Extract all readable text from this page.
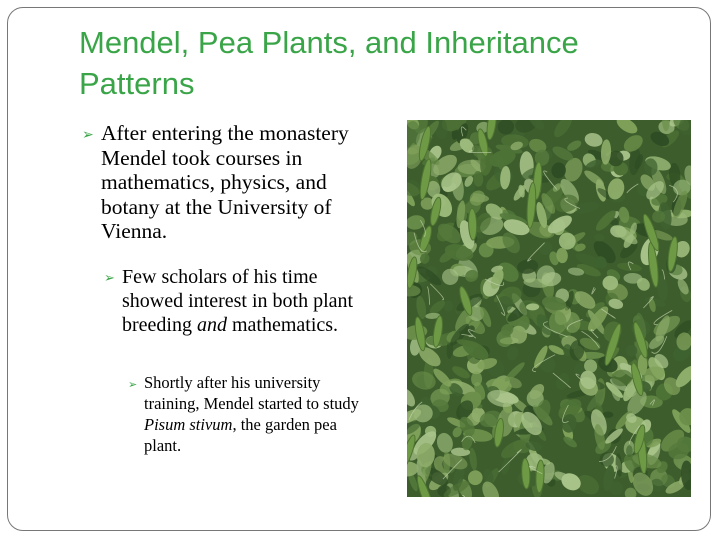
Mendel, Pea Plants, and Inheritance Patterns
➢ After entering the monastery Mendel took courses in mathematics, physics, and botany at the University of Vienna.
➢ Few scholars of his time showed interest in both plant breeding and mathematics.
➢ Shortly after his university training, Mendel started to study Pisum stivum, the garden pea plant.
